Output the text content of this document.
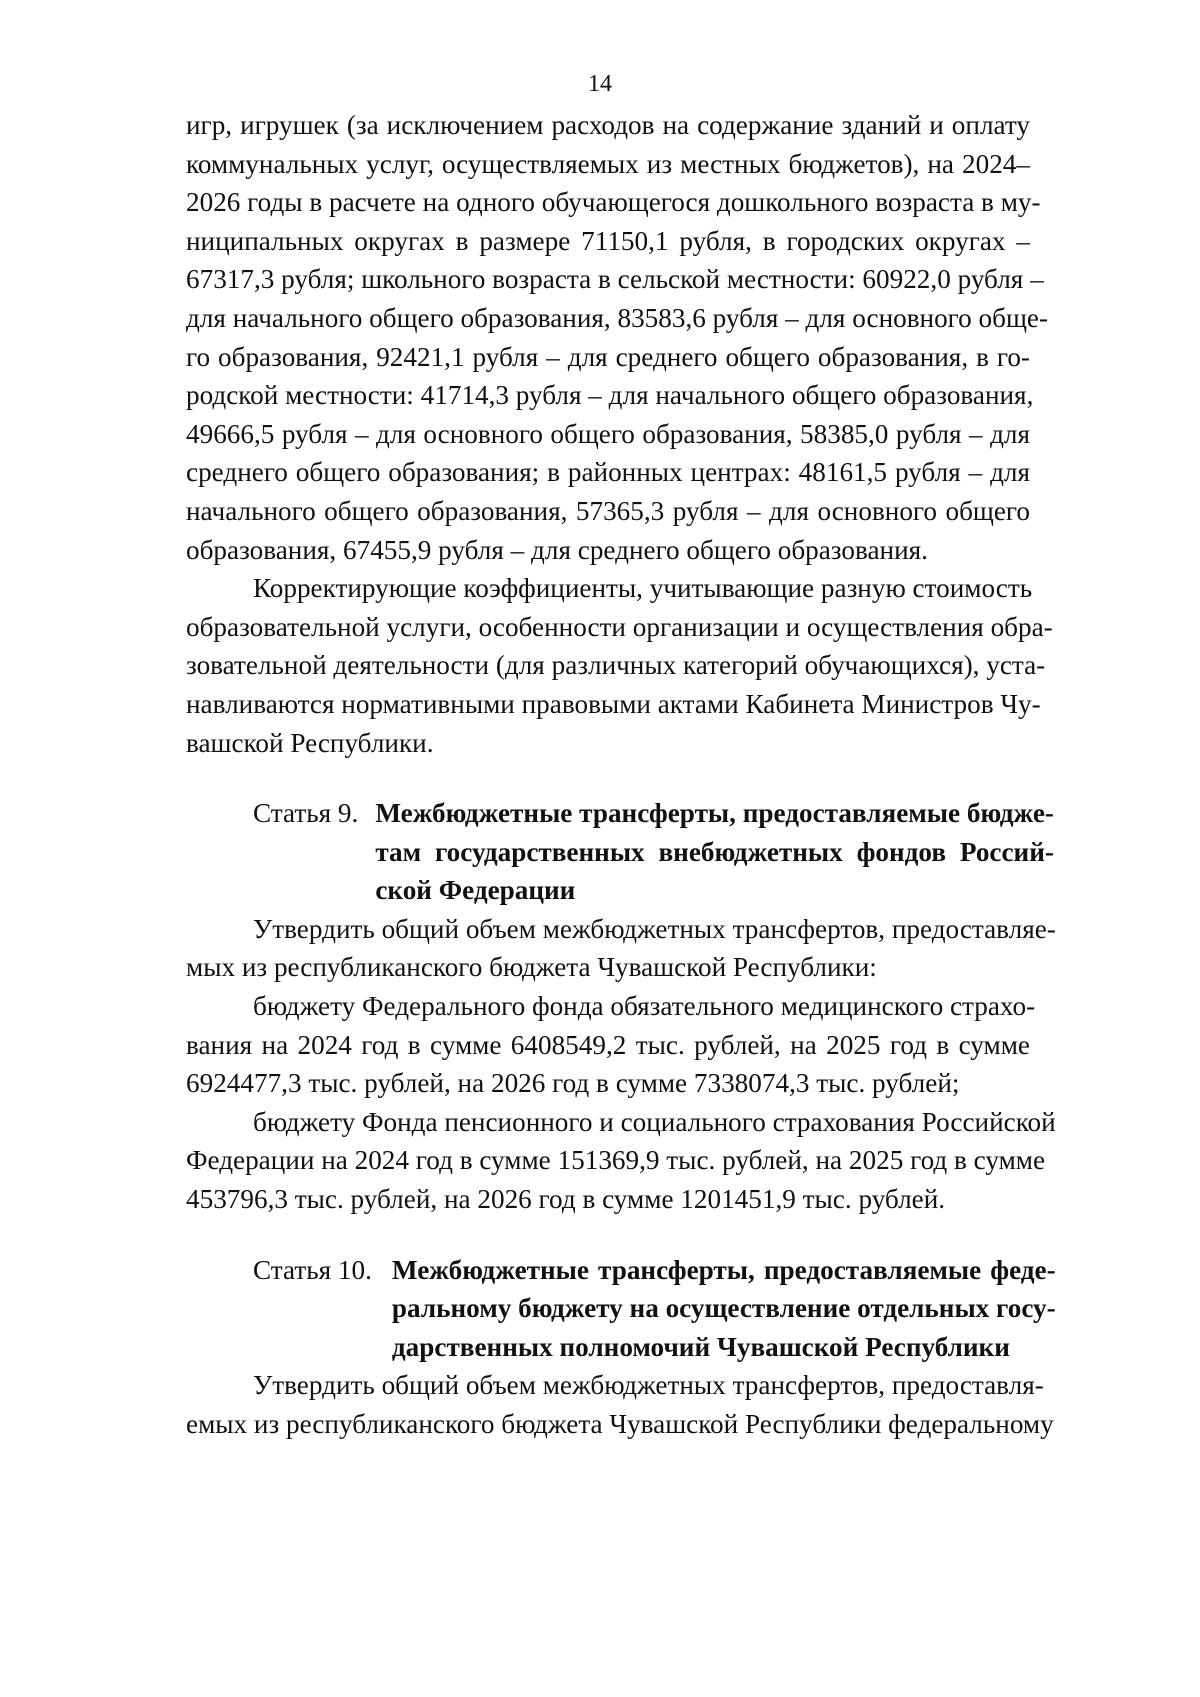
14
игр, игрушек (за исключением расходов на содержание зданий и оплату
коммунальных услуг, осуществляемых из местных бюджетов), на 2024–
2026 годы в расчете на одного обучающегося дошкольного возраста в му-
ниципальных округах в размере 71150,1 рубля, в городских округах –
67317,3 рубля; школьного возраста в сельской местности: 60922,0 рубля –
для начального общего образования, 83583,6 рубля – для основного обще-
го образования, 92421,1 рубля – для среднего общего образования, в го-
родской местности: 41714,3 рубля – для начального общего образования,
49666,5 рубля – для основного общего образования, 58385,0 рубля – для
среднего общего образования; в районных центрах: 48161,5 рубля – для
начального общего образования, 57365,3 рубля – для основного общего
образования, 67455,9 рубля – для среднего общего образования.
Корректирующие коэффициенты, учитывающие разную стоимость
образовательной услуги, особенности организации и осуществления обра-
зовательной деятельности (для различных категорий обучающихся), уста-
навливаются нормативными правовыми актами Кабинета Министров Чу-
вашской Республики.
Статья 9. Межбюджетные трансферты, предоставляемые бюдже-
там государственных внебюджетных фондов Россий-
ской Федерации
Утвердить общий объем межбюджетных трансфертов, предоставляе-
мых из республиканского бюджета Чувашской Республики:
бюджету Федерального фонда обязательного медицинского страхо-
вания на 2024 год в сумме 6408549,2 тыс. рублей, на 2025 год в сумме
6924477,3 тыс. рублей, на 2026 год в сумме 7338074,3 тыс. рублей;
бюджету Фонда пенсионного и социального страхования Российской
Федерации на 2024 год в сумме 151369,9 тыс. рублей, на 2025 год в сумме
453796,3 тыс. рублей, на 2026 год в сумме 1201451,9 тыс. рублей.
Статья 10. Межбюджетные трансферты, предоставляемые феде-
ральному бюджету на осуществление отдельных госу-
дарственных полномочий Чувашской Республики
Утвердить общий объем межбюджетных трансфертов, предоставля-
емых из республиканского бюджета Чувашской Республики федеральному
